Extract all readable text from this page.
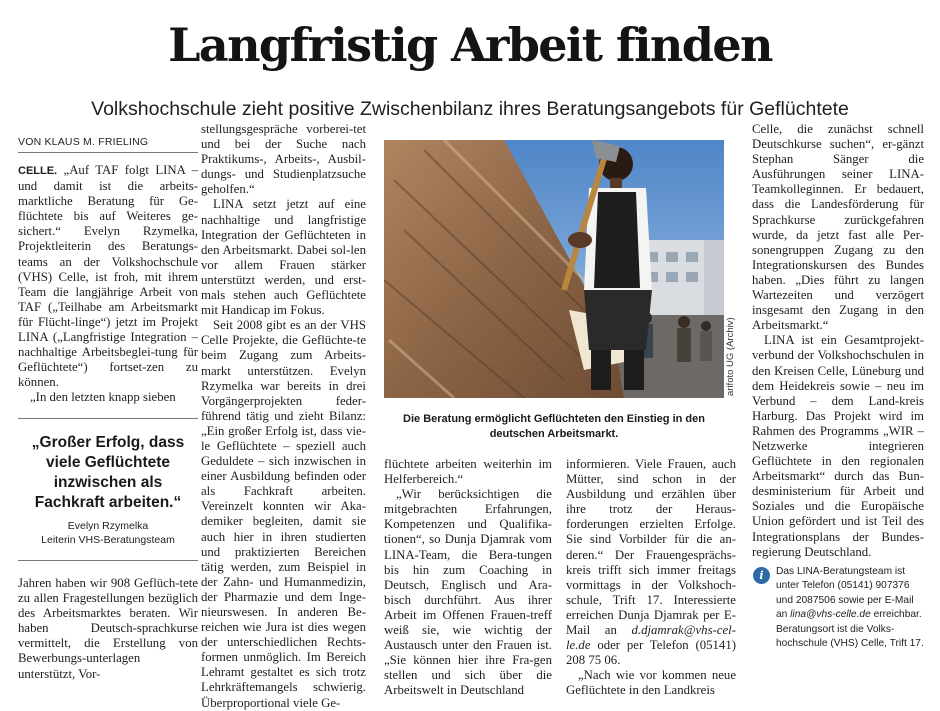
Langfristig Arbeit finden
Volkshochschule zieht positive Zwischenbilanz ihres Beratungsangebots für Geflüchtete
VON KLAUS M. FRIELING

CELLE. „Auf TAF folgt LINA – und damit ist die arbeits-marktliche Beratung für Ge-flüchtete bis auf Weiteres ge-sichert.“ Evelyn Rzymelka, Projektleiterin des Beratungs-teams an der Volkshochschule (VHS) Celle, ist froh, mit ihrem Team die langjährige Arbeit von TAF („Teilhabe am Arbeitsmarkt für Flücht-linge“) jetzt im Projekt LINA („Langfristige Integration – nachhaltige Arbeitsbeglei-tung für Geflüchtete“) fortset-zen zu können.

„In den letzten knapp sieben

„Großer Erfolg, dass viele Geflüchtete inzwischen als Fachkraft arbeiten.“
Evelyn Rzymelka
Leiterin VHS-Beratungsteam

Jahren haben wir 908 Geflüch-tete zu allen Fragestellungen bezüglich des Arbeitsmarktes beraten. Wir haben Deutsch-sprachkurse vermittelt, die Erstellung von Bewerbungs-unterlagen unterstützt, Vor-

stellungsgespräche vorberei-tet und bei der Suche nach Praktikums-, Arbeits-, Ausbil-dungs- und Studienplatzsuche geholfen.“

LINA setzt jetzt auf eine nachhaltige und langfristige Integration der Geflüchteten in den Arbeitsmarkt. Dabei sol-len vor allem Frauen stärker unterstützt werden, und erst-mals stehen auch Geflüchtete mit Handicap im Fokus.

Seit 2008 gibt es an der VHS Celle Projekte, die Geflüchte-te beim Zugang zum Arbeits-markt unterstützen. Evelyn Rzymelka war bereits in drei Vorgängerprojekten feder-führend tätig und zieht Bilanz: „Ein großer Erfolg ist, dass vie-le Geflüchtete – speziell auch Geduldete – sich inzwischen in einer Ausbildung befinden oder als Fachkraft arbeiten. Vereinzelt konnten wir Aka-demiker begleiten, damit sie auch hier in ihren studierten und praktizierten Bereichen tätig werden, zum Beispiel in der Zahn- und Humanmedizin, der Pharmazie und dem Inge-nieurswesen. In anderen Be-reichen wie Jura ist dies wegen der unterschiedlichen Rechts-formen unmöglich. Im Bereich Lehramt gestaltet es sich trotz Lehrkräftemangels schwierig. Überproportional viele Ge-

arifoto UG (Archiv)
Die Beratung ermöglicht Geflüchteten den Einstieg in den deutschen Arbeitsmarkt.

flüchtete arbeiten weiterhin im Helferbereich.“

„Wir berücksichtigen die mitgebrachten Erfahrungen, Kompetenzen und Qualifika-tionen“, so Dunja Djamrak vom LINA-Team, die Bera-tungen bis hin zum Coaching in Deutsch, Englisch und Ara-bisch durchführt. Aus ihrer Arbeit im Offenen Frauen-treff weiß sie, wie wichtig der Austausch unter den Frauen ist. „Sie können hier ihre Fra-gen stellen und sich über die Arbeitswelt in Deutschland

informieren. Viele Frauen, auch Mütter, sind schon in der Ausbildung und erzählen über ihre trotz der Heraus-forderungen erzielten Erfolge. Sie sind Vorbilder für die an-deren.“ Der Frauengesprächs-kreis trifft sich immer freitags vormittags in der Volkshoch-schule, Trift 17. Interessierte erreichen Dunja Djamrak per E-Mail an d.djamrak@vhs-cel-le.de oder per Telefon (05141) 208 75 06.

„Nach wie vor kommen neue Geflüchtete in den Landkreis

Celle, die zunächst schnell Deutschkurse suchen“, er-gänzt Stephan Sänger die Ausführungen seiner LINA-Teamkolleginnen. Er bedauert, dass die Landesförderung für Sprachkurse zurückgefahren wurde, da jetzt fast alle Per-sonengruppen Zugang zu den Integrationskursen des Bundes haben. „Dies führt zu langen Wartezeiten und verzögert insgesamt den Zugang in den Arbeitsmarkt.“

LINA ist ein Gesamtprojekt-verbund der Volkshochschulen in den Kreisen Celle, Lüneburg und dem Heidekreis sowie – neu im Verbund – dem Land-kreis Harburg. Das Projekt wird im Rahmen des Programms „WIR – Netzwerke integrieren Geflüchtete in den regionalen Arbeitsmarkt“ durch das Bun-desministerium für Arbeit und Soziales und die Europäische Union gefördert und ist Teil des Integrationsplans der Bundes-regierung Deutschland.

i	Das LINA-Beratungsteam ist unter Telefon (05141) 907376 und 2087506 sowie per E-Mail an lina@vhs-celle.de erreichbar. Beratungsort ist die Volks-hochschule (VHS) Celle, Trift 17.
